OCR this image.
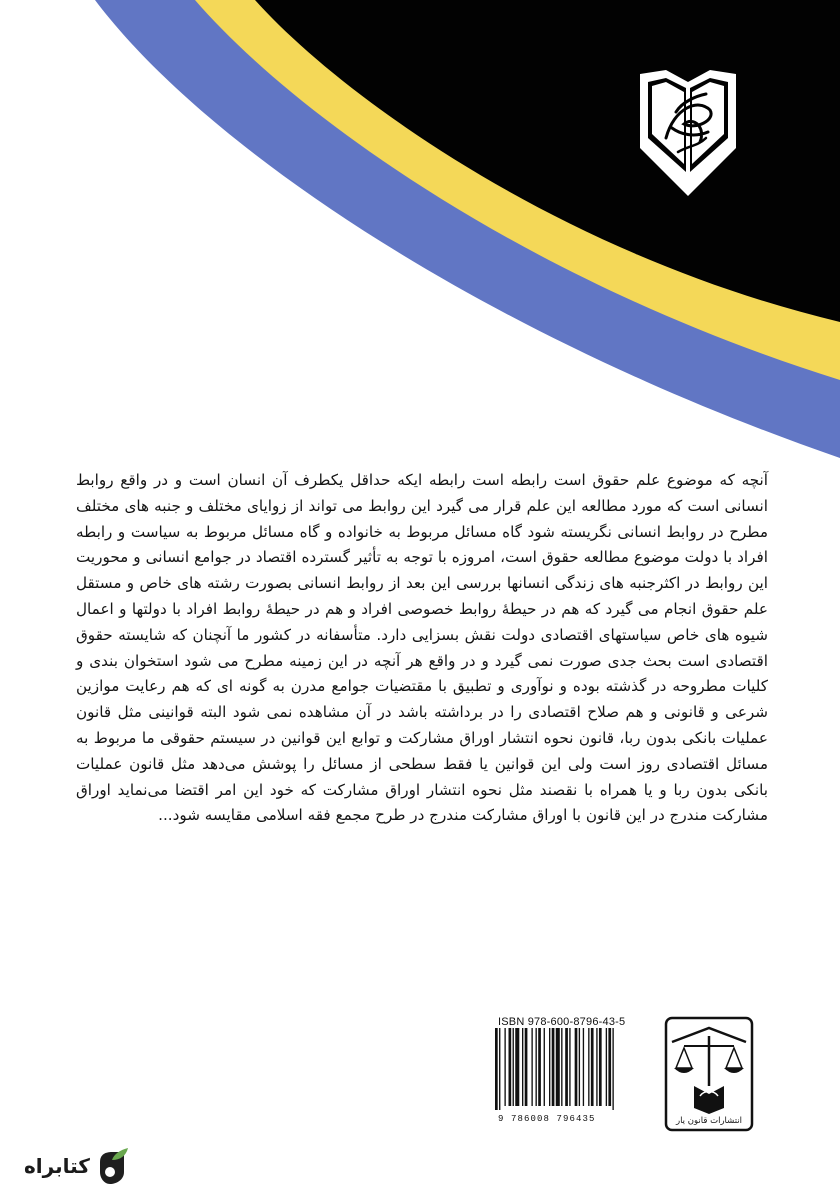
آنچه که موضوع علم حقوق است رابطه است رابطه ایکه حداقل یکطرف آن انسان است و در واقع روابط انسانی است که مورد مطالعه این علم قرار می گیرد این روابط می تواند از زوایای مختلف و جنبه های مختلف مطرح در روابط انسانی نگریسته شود گاه مسائل مربوط به خانواده و گاه مسائل مربوط به سیاست و رابطه افراد با دولت موضوع مطالعه حقوق است، امروزه با توجه به تأثیر گسترده اقتصاد در جوامع انسانی و محوریت این روابط در اکثرجنبه های زندگی انسانها بررسی این بعد از روابط انسانی بصورت رشته های خاص و مستقل علم حقوق انجام می گیرد که هم در حیطۀ روابط خصوصی افراد و هم در حیطۀ روابط افراد با دولتها و اعمال شیوه های خاص سیاستهای اقتصادی دولت نقش بسزایی دارد. متأسفانه در کشور ما آنچنان که شایسته حقوق اقتصادی است بحث جدی صورت نمی گیرد و در واقع هر آنچه در این زمینه مطرح می شود استخوان بندی و کلیات مطروحه در گذشته بوده و نوآوری و تطبیق با مقتضیات جوامع مدرن به گونه ای که هم رعایت موازین شرعی و قانونی و هم صلاح اقتصادی را در برداشته باشد در آن مشاهده نمی شود البته قوانینی مثل قانون عملیات بانکی بدون ربا، قانون نحوه انتشار اوراق مشارکت و توابع این قوانین در سیستم حقوقی ما مربوط به مسائل اقتصادی روز است ولی این قوانین یا فقط سطحی از مسائل را پوشش می‌دهد مثل قانون عملیات بانکی بدون ربا و یا همراه با نقصند مثل نحوه انتشار اوراق مشارکت که خود این امر اقتضا می‌نماید اوراق مشارکت مندرج در این قانون با اوراق مشارکت مندرج در طرح مجمع فقه اسلامی مقایسه شود...

ISBN 978-600-8796-43-5
9 786008 796435	انتشارات قانون یار
کتابراه
